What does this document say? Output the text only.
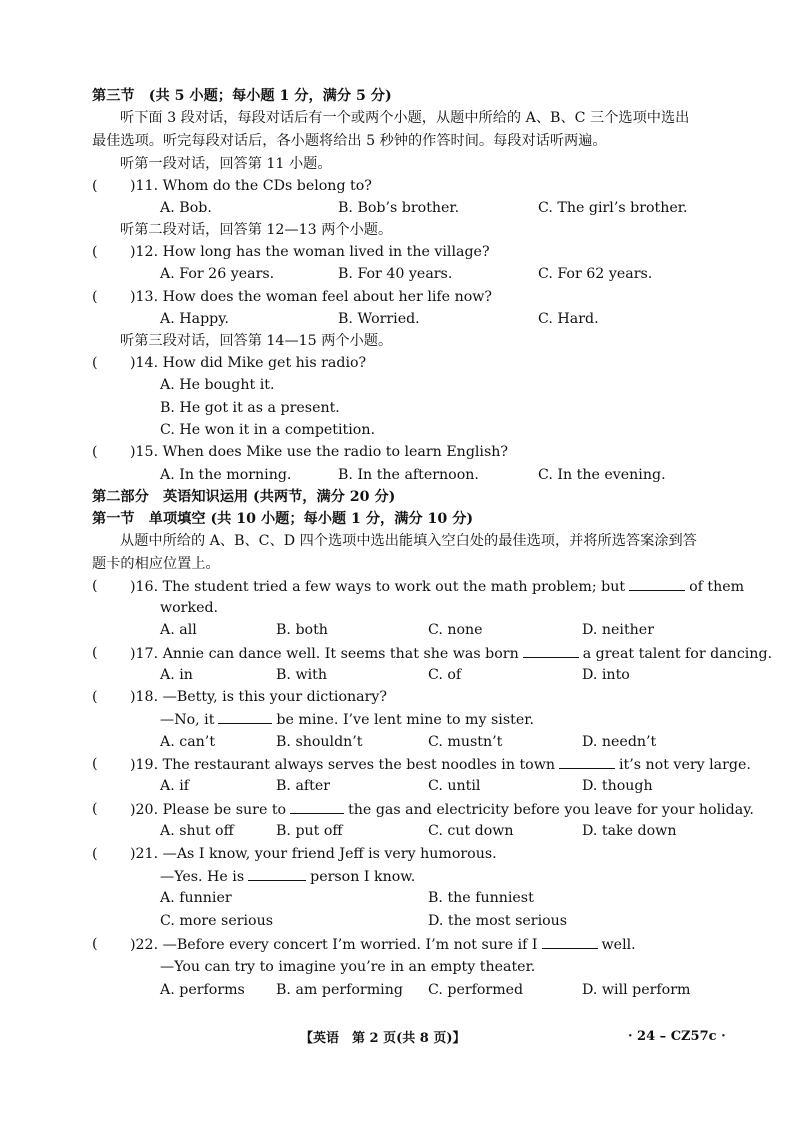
第三节　(共 5 小题；每小题 1 分，满分 5 分)
听下面 3 段对话，每段对话后有一个或两个小题，从题中所给的 A、B、C 三个选项中选出
最佳选项。听完每段对话后，各小题将给出 5 秒钟的作答时间。每段对话听两遍。
听第一段对话，回答第 11 小题。
( )11. Whom do the CDs belong to?
A. Bob.	B. Bob’s brother.	C. The girl’s brother.
听第二段对话，回答第 12—13 两个小题。
( )12. How long has the woman lived in the village?
A. For 26 years.	B. For 40 years.	C. For 62 years.
( )13. How does the woman feel about her life now?
A. Happy.	B. Worried.	C. Hard.
听第三段对话，回答第 14—15 两个小题。
( )14. How did Mike get his radio?
A. He bought it.
B. He got it as a present.
C. He won it in a competition.
( )15. When does Mike use the radio to learn English?
A. In the morning.	B. In the afternoon.	C. In the evening.
第二部分　英语知识运用 (共两节，满分 20 分)
第一节　单项填空 (共 10 小题；每小题 1 分，满分 10 分)
从题中所给的 A、B、C、D 四个选项中选出能填入空白处的最佳选项，并将所选答案涂到答
题卡的相应位置上。
( )16. The student tried a few ways to work out the math problem; but	of them
worked.
A. all	B. both	C. none	D. neither
( )17. Annie can dance well. It seems that she was born	a great talent for dancing.
A. in	B. with	C. of	D. into
( )18. —Betty, is this your dictionary?
—No, it	be mine. I’ve lent mine to my sister.
A. can’t	B. shouldn’t	C. mustn’t	D. needn’t
( )19. The restaurant always serves the best noodles in town	it’s not very large.
A. if	B. after	C. until	D. though
( )20. Please be sure to	the gas and electricity before you leave for your holiday.
A. shut off	B. put off	C. cut down	D. take down
( )21. —As I know, your friend Jeff is very humorous.
—Yes. He is	person I know.
A. funnier	B. the funniest
C. more serious	D. the most serious
( )22. —Before every concert I’m worried. I’m not sure if I	well.
—You can try to imagine you’re in an empty theater.
A. performs B. am performing C. performed	D. will perform
【英语　第 2 页(共 8 页)】	· 24 – CZ57c ·
